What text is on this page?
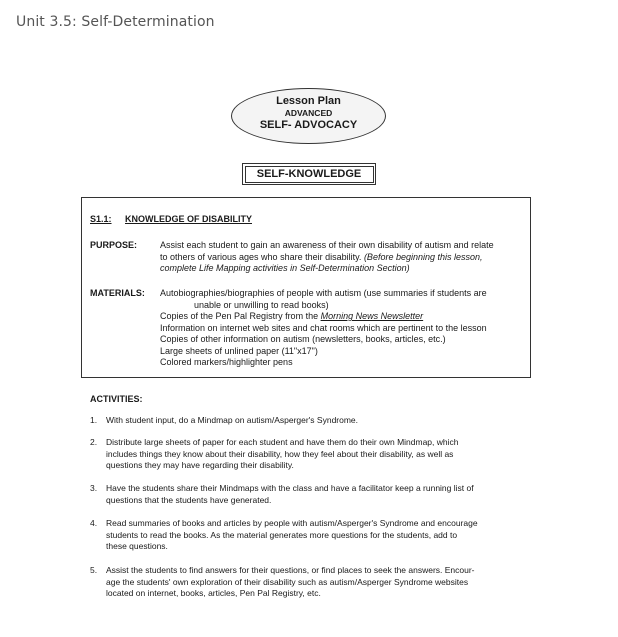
Unit 3.5: Self-Determination
Lesson Plan
ADVANCED
SELF- ADVOCACY
SELF-KNOWLEDGE
S1.1: KNOWLEDGE OF DISABILITY
PURPOSE:	Assist each student to gain an awareness of their own disability of autism and relate
to others of various ages who share their disability. (Before beginning this lesson,
complete Life Mapping activities in Self-Determination Section)
MATERIALS: Autobiographies/biographies of people with autism (use summaries if students are
unable or unwilling to read books)
Copies of the Pen Pal Registry from the Morning News Newsletter
Information on internet web sites and chat rooms which are pertinent to the lesson
Copies of other information on autism (newsletters, books, articles, etc.)
Large sheets of unlined paper (11"x17")
Colored markers/highlighter pens
ACTIVITIES:
1. With student input, do a Mindmap on autism/Asperger's Syndrome.
2. Distribute large sheets of paper for each student and have them do their own Mindmap, which
includes things they know about their disability, how they feel about their disability, as well as
questions they may have regarding their disability.
3. Have the students share their Mindmaps with the class and have a facilitator keep a running list of
questions that the students have generated.
4. Read summaries of books and articles by people with autism/Asperger's Syndrome and encourage
students to read the books. As the material generates more questions for the students, add to
these questions.
5. Assist the students to find answers for their questions, or find places to seek the answers. Encour-
age the students' own exploration of their disability such as autism/Asperger Syndrome websites
located on internet, books, articles, Pen Pal Registry, etc.
